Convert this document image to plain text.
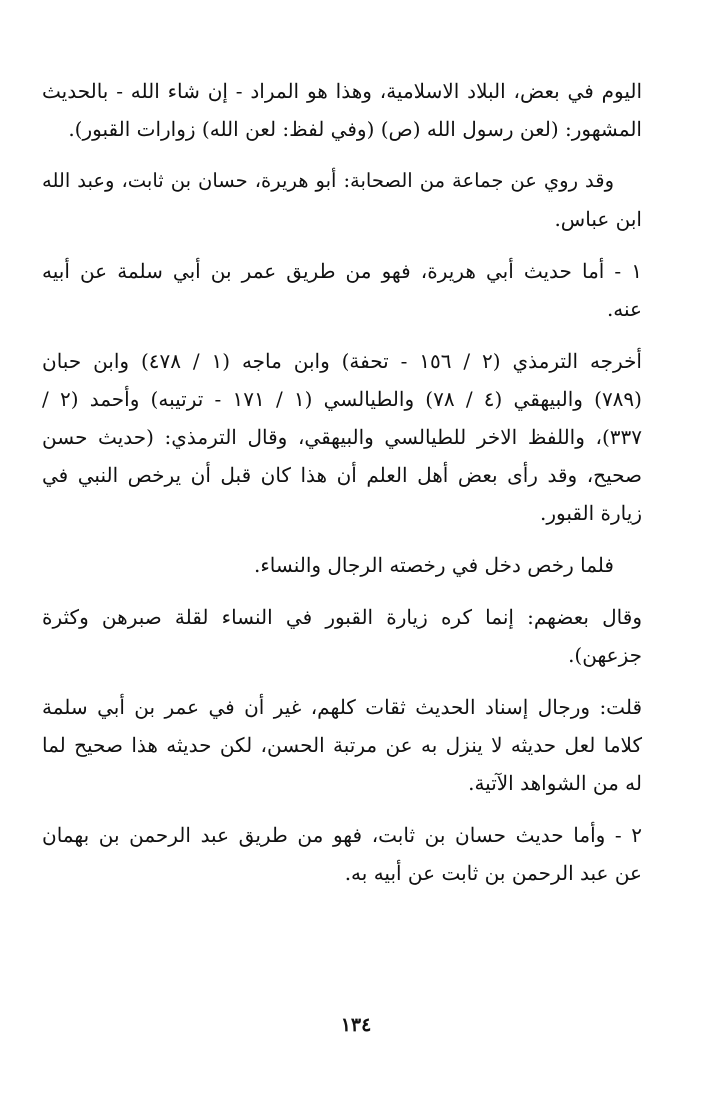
اليوم في بعض، البلاد الاسلامية، وهذا هو المراد - إن شاء الله - بالحديث
المشهور: (لعن رسول الله (ص) (وفي لفظ: لعن الله) زوارات القبور).

وقد روي عن جماعة من الصحابة: أبو هريرة، حسان بن ثابت، وعبد الله
ابن عباس.

١ - أما حديث أبي هريرة، فهو من طريق عمر بن أبي سلمة عن أبيه
عنه.

أخرجه الترمذي (٢ / ١٥٦ - تحفة) وابن ماجه (١ / ٤٧٨) وابن حبان
(٧٨٩) والبيهقي (٤ / ٧٨) والطيالسي (١ / ١٧١ - ترتيبه) وأحمد (٢ /
٣٣٧)، واللفظ الاخر للطيالسي والبيهقي، وقال الترمذي: (حديث حسن
صحيح، وقد رأى بعض أهل العلم أن هذا كان قبل أن يرخص النبي في
زيارة القبور.

فلما رخص دخل في رخصته الرجال والنساء.

وقال بعضهم: إنما كره زيارة القبور في النساء لقلة صبرهن وكثرة
جزعهن).

قلت: ورجال إسناد الحديث ثقات كلهم، غير أن في عمر بن أبي سلمة
كلاما لعل حديثه لا ينزل به عن مرتبة الحسن، لكن حديثه هذا صحيح لما
له من الشواهد الآتية.

٢ - وأما حديث حسان بن ثابت، فهو من طريق عبد الرحمن بن بهمان
عن عبد الرحمن بن ثابت عن أبيه به.

١٣٤
